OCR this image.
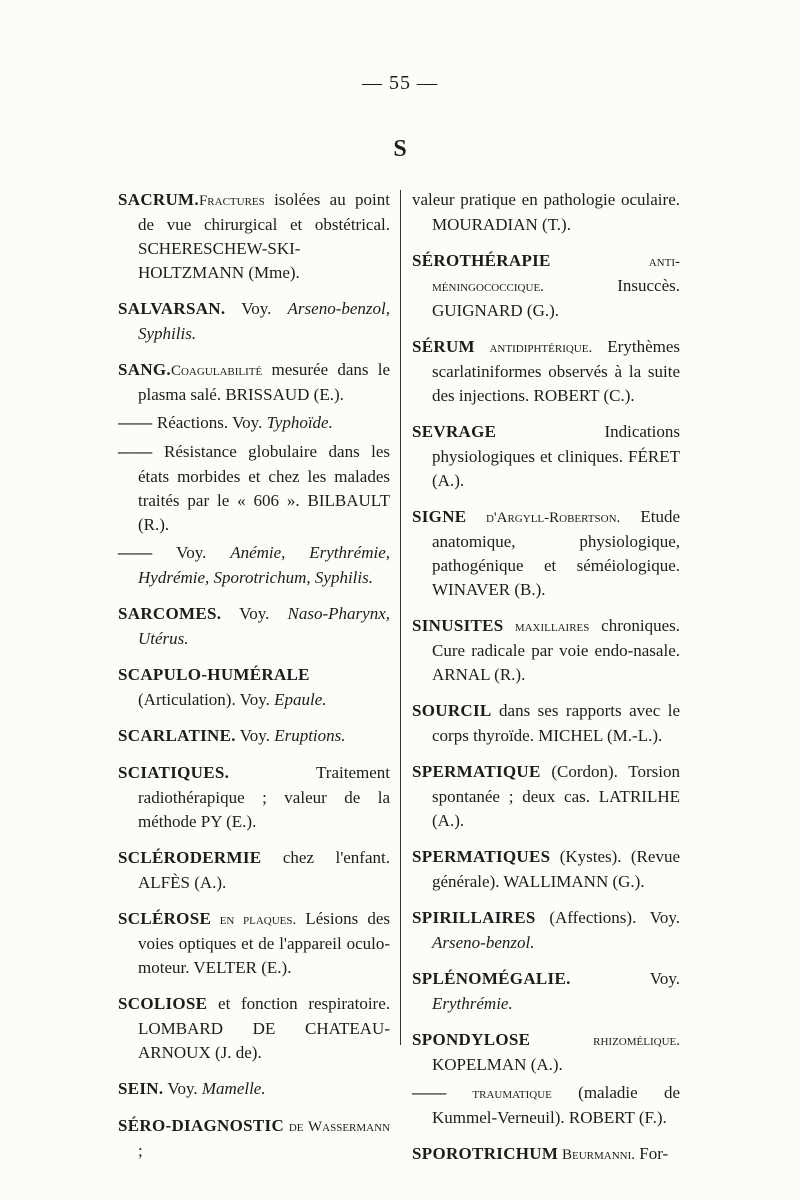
— 55 —
S
SACRUM.Fractures isolées au point de vue chirurgical et obstétrical. SCHERESCHEW-SKI-HOLTZMANN (Mme).
SALVARSAN. Voy. Arseno-benzol, Syphilis.
SANG.Coagulabilité mesurée dans le plasma salé. BRISSAUD (E.).
—— Réactions. Voy. Typhoïde.
—— Résistance globulaire dans les états morbides et chez les malades traités par le « 606 ». BILBAULT (R.).
—— Voy. Anémie, Erythrémie, Hydrémie, Sporotrichum, Syphilis.
SARCOMES. Voy. Naso-Pharynx, Utérus.
SCAPULO-HUMÉRALE (Articulation). Voy. Epaule.
SCARLATINE. Voy. Eruptions.
SCIATIQUES. Traitement radiothérapique ; valeur de la méthode PY (E.).
SCLÉRODERMIE chez l'enfant. ALFÈS (A.).
SCLÉROSE en plaques. Lésions des voies optiques et de l'appareil oculo-moteur. VELTER (E.).
SCOLIOSE et fonction respiratoire. LOMBARD DE CHATEAU-ARNOUX (J. de).
SEIN. Voy. Mamelle.
SÉRO-DIAGNOSTIC de Wassermann ;
valeur pratique en pathologie oculaire. MOURADIAN (T.).
SÉROTHÉRAPIE anti-méningococcique. Insuccès. GUIGNARD (G.).
SÉRUM antidiphtérique. Erythèmes scarlatiniformes observés à la suite des injections. ROBERT (C.).
SEVRAGE Indications physiologiques et cliniques. FÉRET (A.).
SIGNE d'Argyll-Robertson. Etude anatomique, physiologique, pathogénique et séméiologique. WINAVER (B.).
SINUSITES maxillaires chroniques. Cure radicale par voie endo-nasale. ARNAL (R.).
SOURCIL dans ses rapports avec le corps thyroïde. MICHEL (M.-L.).
SPERMATIQUE (Cordon). Torsion spontanée ; deux cas. LATRILHE (A.).
SPERMATIQUES (Kystes). (Revue générale). WALLIMANN (G.).
SPIRILLAIRES (Affections). Voy. Arseno-benzol.
SPLÉNOMÉGALIE. Voy. Erythrémie.
SPONDYLOSE rhizomélique. KOPELMAN (A.).
—— traumatique (maladie de Kummel-Verneuil). ROBERT (F.).
SPOROTRICHUM Beurmanni. For-
